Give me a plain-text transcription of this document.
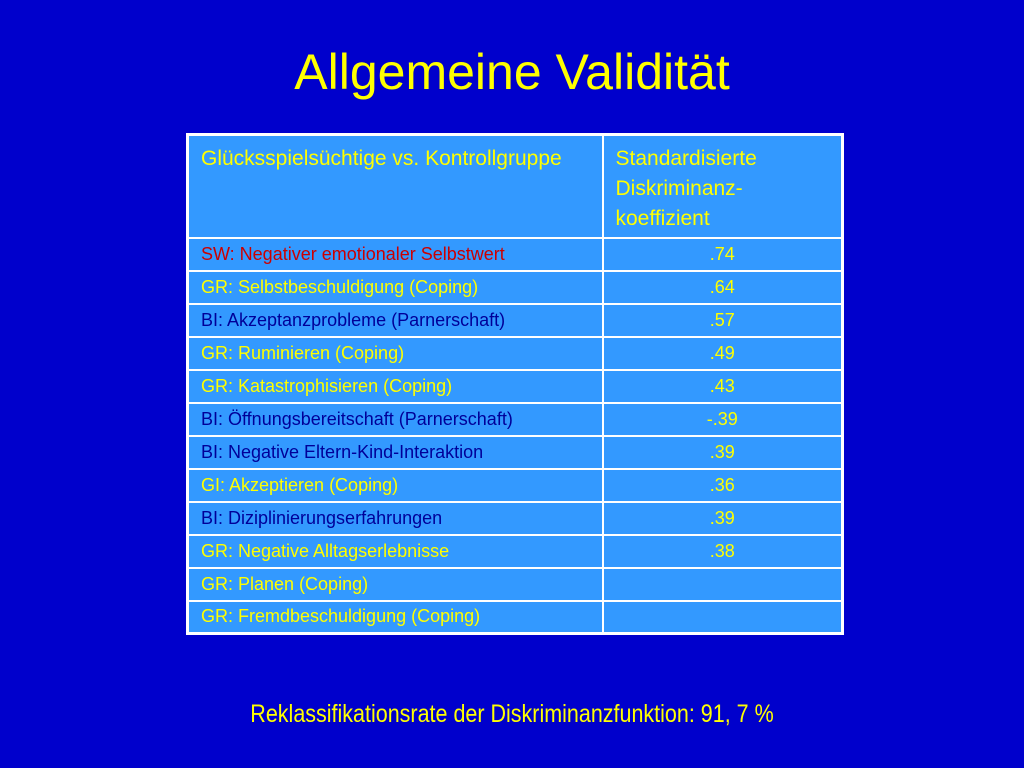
Allgemeine Validität
Glücksspielsüchtige vs. Kontrollgruppe	Standardisierte Diskriminanz-koeffizient
SW: Negativer emotionaler Selbstwert	.74
GR: Selbstbeschuldigung (Coping)	.64
BI: Akzeptanzprobleme (Parnerschaft)	.57
GR: Ruminieren (Coping)	.49
GR: Katastrophisieren (Coping)	.43
BI: Öffnungsbereitschaft (Parnerschaft)	-.39
BI: Negative Eltern-Kind-Interaktion	.39
GI: Akzeptieren (Coping)	.36
BI: Diziplinierungserfahrungen	.39
GR: Negative Alltagserlebnisse	.38
GR: Planen (Coping)	
GR: Fremdbeschuldigung (Coping)	
Reklassifikationsrate der Diskriminanzfunktion: 91, 7 %
